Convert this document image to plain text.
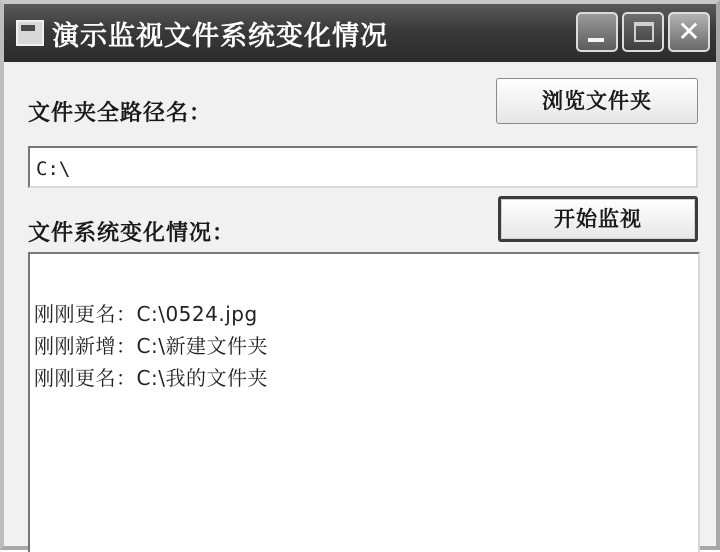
演示监视文件系统变化情况	✕
文件夹全路径名：	浏览文件夹
C:\
文件系统变化情况：
开始监视
刚刚更名：C:\0524.jpg
刚刚新增：C:\新建文件夹
刚刚更名：C:\我的文件夹
